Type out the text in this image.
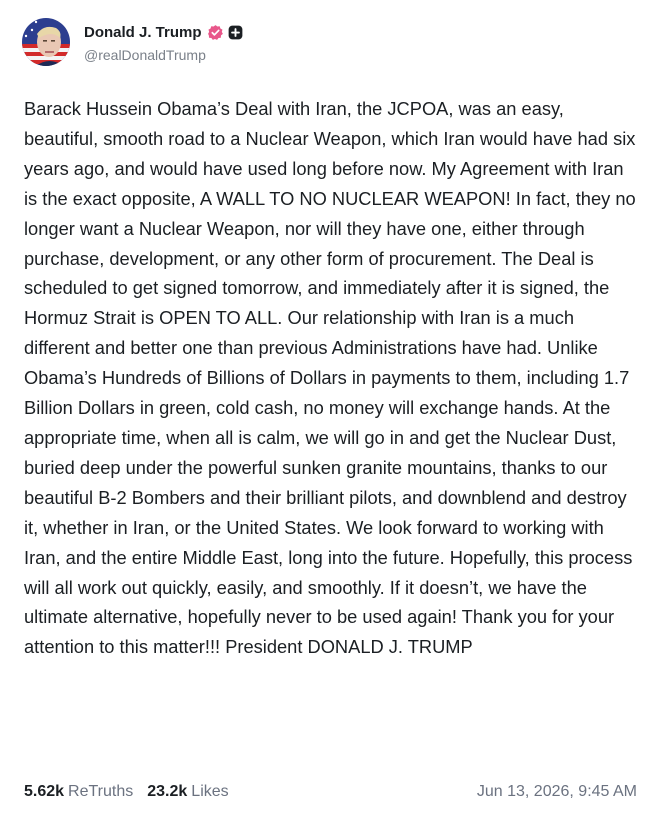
Donald J. Trump
@realDonaldTrump
Barack Hussein Obama’s Deal with Iran, the JCPOA, was an easy, beautiful, smooth road to a Nuclear Weapon, which Iran would have had six years ago, and would have used long before now. My Agreement with Iran is the exact opposite, A WALL TO NO NUCLEAR WEAPON! In fact, they no longer want a Nuclear Weapon, nor will they have one, either through purchase, development, or any other form of procurement. The Deal is scheduled to get signed tomorrow, and immediately after it is signed, the Hormuz Strait is OPEN TO ALL. Our relationship with Iran is a much different and better one than previous Administrations have had. Unlike Obama’s Hundreds of Billions of Dollars in payments to them, including 1.7 Billion Dollars in green, cold cash, no money will exchange hands. At the appropriate time, when all is calm, we will go in and get the Nuclear Dust, buried deep under the powerful sunken granite mountains, thanks to our beautiful B-2 Bombers and their brilliant pilots, and downblend and destroy it, whether in Iran, or the United States. We look forward to working with Iran, and the entire Middle East, long into the future. Hopefully, this process will all work out quickly, easily, and smoothly. If it doesn’t, we have the ultimate alternative, hopefully never to be used again! Thank you for your attention to this matter!!! President DONALD J. TRUMP
5.62k ReTruths 23.2k Likes	Jun 13, 2026, 9:45 AM
